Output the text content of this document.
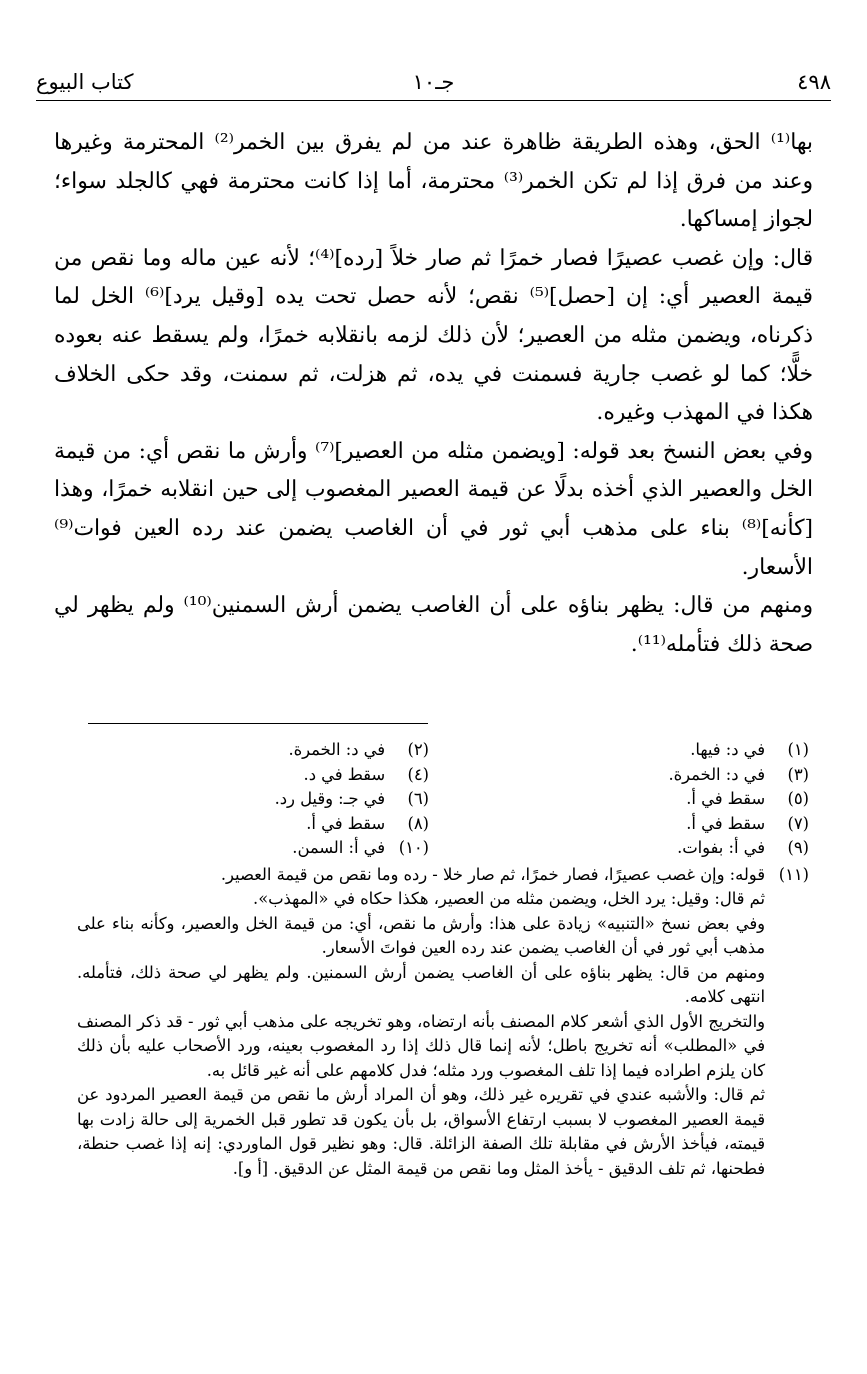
٤٩٨
جـ١٠
كتاب البيوع

بها⁽¹⁾ الحق، وهذه الطريقة ظاهرة عند من لم يفرق بين الخمر⁽²⁾ المحترمة وغيرها وعند من فرق إذا لم تكن الخمر⁽³⁾ محترمة، أما إذا كانت محترمة فهي كالجلد سواء؛ لجواز إمساكها.

قال: وإن غصب عصيرًا فصار خمرًا ثم صار خلاً [رده]⁽⁴⁾؛ لأنه عين ماله وما نقص من قيمة العصير أي: إن [حصل]⁽⁵⁾ نقص؛ لأنه حصل تحت يده [وقيل يرد]⁽⁶⁾ الخل لما ذكرناه، ويضمن مثله من العصير؛ لأن ذلك لزمه بانقلابه خمرًا، ولم يسقط عنه بعوده خلًّا؛ كما لو غصب جارية فسمنت في يده، ثم هزلت، ثم سمنت، وقد حكى الخلاف هكذا في المهذب وغيره.

وفي بعض النسخ بعد قوله: [ويضمن مثله من العصير]⁽⁷⁾ وأرش ما نقص أي: من قيمة الخل والعصير الذي أخذه بدلًا عن قيمة العصير المغصوب إلى حين انقلابه خمرًا، وهذا [كأنه]⁽⁸⁾ بناء على مذهب أبي ثور في أن الغاصب يضمن عند رده العين فوات⁽⁹⁾ الأسعار.

ومنهم من قال: يظهر بناؤه على أن الغاصب يضمن أرش السمنين⁽¹⁰⁾ ولم يظهر لي صحة ذلك فتأمله⁽¹¹⁾.

(١)
في د: فيها.
(٢)
في د: الخمرة.
(٣)
في د: الخمرة.
(٤)
سقط في د.
(٥)
سقط في أ.
(٦)
في جـ: وقيل رد.
(٧)
سقط في أ.
(٨)
سقط في أ.
(٩)
في أ: بفوات.
(١٠)
في أ: السمن.
(١١)

قوله: وإن غصب عصيرًا، فصار خمرًا، ثم صار خلا - رده وما نقص من قيمة العصير.

ثم قال: وقيل: يرد الخل، ويضمن مثله من العصير، هكذا حكاه في «المهذب».

وفي بعض نسخ «التنبيه» زيادة على هذا: وأرش ما نقص، أي: من قيمة الخل والعصير، وكأنه بناء على مذهب أبي ثور في أن الغاصب يضمن عند رده العين فواتَ الأسعار.

ومنهم من قال: يظهر بناؤه على أن الغاصب يضمن أرش السمنين. ولم يظهر لي صحة ذلك، فتأمله. انتهى كلامه.

والتخريج الأول الذي أشعر كلام المصنف بأنه ارتضاه، وهو تخريجه على مذهب أبي ثور - قد ذكر المصنف في «المطلب» أنه تخريج باطل؛ لأنه إنما قال ذلك إذا رد المغصوب بعينه، ورد الأصحاب عليه بأن ذلك كان يلزم اطراده فيما إذا تلف المغصوب ورد مثله؛ فدل كلامهم على أنه غير قائل به.

ثم قال: والأشبه عندي في تقريره غير ذلك، وهو أن المراد أرش ما نقص من قيمة العصير المردود عن قيمة العصير المغصوب لا بسبب ارتفاع الأسواق، بل بأن يكون قد تطور قبل الخمرية إلى حالة زادت بها قيمته، فيأخذ الأرش في مقابلة تلك الصفة الزائلة. قال: وهو نظير قول الماوردي: إنه إذا غصب حنطة، فطحنها، ثم تلف الدقيق - يأخذ المثل وما نقص من قيمة المثل عن الدقيق. [أ و].
